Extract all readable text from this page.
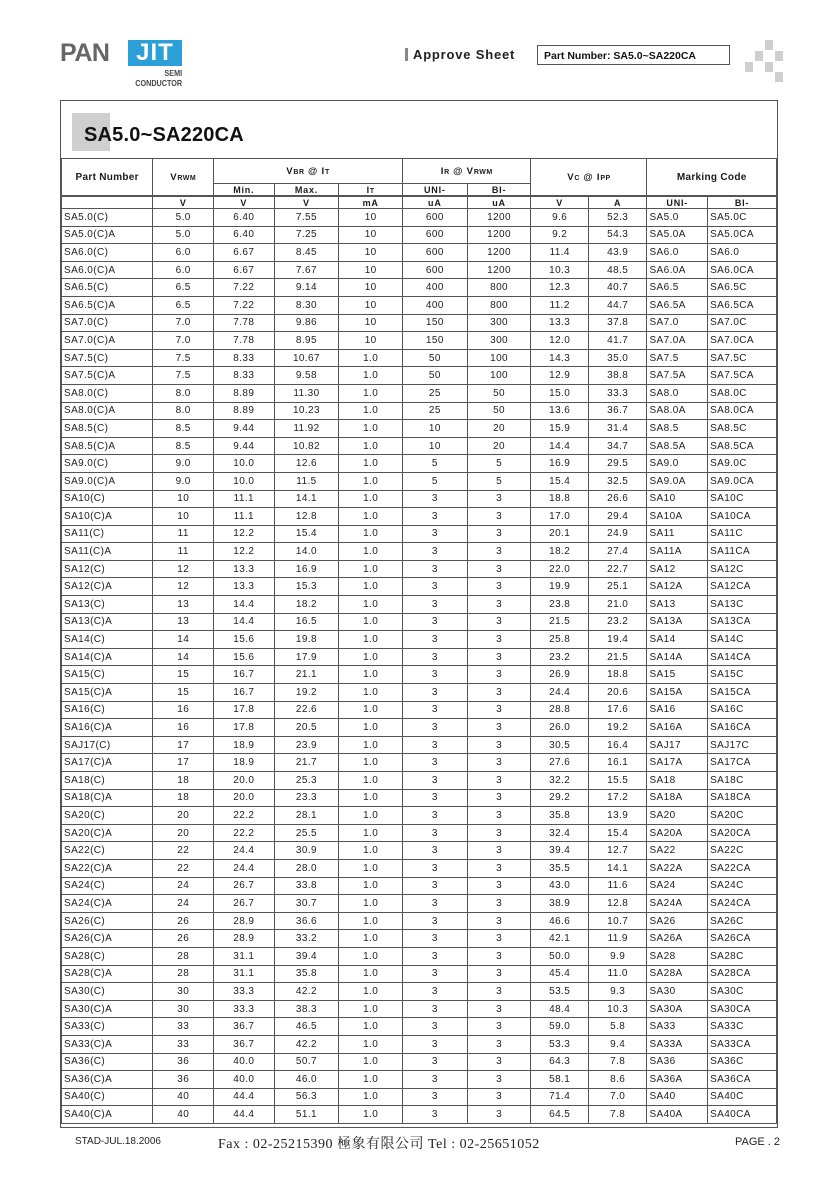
PAN	JIT
SEMI
CONDUCTOR
Approve Sheet	Part Number: SA5.0~SA220CA
SA5.0~SA220CA
Part Number	VRWM	VBR @ IT			IR @ VRWM		VC @ IPP		Marking Code	
		Min.	Max.	IT	UNI-	BI-				
	V	V	V	mA	uA	uA	V	A	UNI-	BI-
SA5.0(C)	5.0	6.40	7.55	10	600	1200	9.6	52.3	SA5.0	SA5.0C
SA5.0(C)A	5.0	6.40	7.25	10	600	1200	9.2	54.3	SA5.0A	SA5.0CA
SA6.0(C)	6.0	6.67	8.45	10	600	1200	11.4	43.9	SA6.0	SA6.0
SA6.0(C)A	6.0	6.67	7.67	10	600	1200	10.3	48.5	SA6.0A	SA6.0CA
SA6.5(C)	6.5	7.22	9.14	10	400	800	12.3	40.7	SA6.5	SA6.5C
SA6.5(C)A	6.5	7.22	8.30	10	400	800	11.2	44.7	SA6.5A	SA6.5CA
SA7.0(C)	7.0	7.78	9.86	10	150	300	13.3	37.8	SA7.0	SA7.0C
SA7.0(C)A	7.0	7.78	8.95	10	150	300	12.0	41.7	SA7.0A	SA7.0CA
SA7.5(C)	7.5	8.33	10.67	1.0	50	100	14.3	35.0	SA7.5	SA7.5C
SA7.5(C)A	7.5	8.33	9.58	1.0	50	100	12.9	38.8	SA7.5A	SA7.5CA
SA8.0(C)	8.0	8.89	11.30	1.0	25	50	15.0	33.3	SA8.0	SA8.0C
SA8.0(C)A	8.0	8.89	10.23	1.0	25	50	13.6	36.7	SA8.0A	SA8.0CA
SA8.5(C)	8.5	9.44	11.92	1.0	10	20	15.9	31.4	SA8.5	SA8.5C
SA8.5(C)A	8.5	9.44	10.82	1.0	10	20	14.4	34.7	SA8.5A	SA8.5CA
SA9.0(C)	9.0	10.0	12.6	1.0	5	5	16.9	29.5	SA9.0	SA9.0C
SA9.0(C)A	9.0	10.0	11.5	1.0	5	5	15.4	32.5	SA9.0A	SA9.0CA
SA10(C)	10	11.1	14.1	1.0	3	3	18.8	26.6	SA10	SA10C
SA10(C)A	10	11.1	12.8	1.0	3	3	17.0	29.4	SA10A	SA10CA
SA11(C)	11	12.2	15.4	1.0	3	3	20.1	24.9	SA11	SA11C
SA11(C)A	11	12.2	14.0	1.0	3	3	18.2	27.4	SA11A	SA11CA
SA12(C)	12	13.3	16.9	1.0	3	3	22.0	22.7	SA12	SA12C
SA12(C)A	12	13.3	15.3	1.0	3	3	19.9	25.1	SA12A	SA12CA
SA13(C)	13	14.4	18.2	1.0	3	3	23.8	21.0	SA13	SA13C
SA13(C)A	13	14.4	16.5	1.0	3	3	21.5	23.2	SA13A	SA13CA
SA14(C)	14	15.6	19.8	1.0	3	3	25.8	19.4	SA14	SA14C
SA14(C)A	14	15.6	17.9	1.0	3	3	23.2	21.5	SA14A	SA14CA
SA15(C)	15	16.7	21.1	1.0	3	3	26.9	18.8	SA15	SA15C
SA15(C)A	15	16.7	19.2	1.0	3	3	24.4	20.6	SA15A	SA15CA
SA16(C)	16	17.8	22.6	1.0	3	3	28.8	17.6	SA16	SA16C
SA16(C)A	16	17.8	20.5	1.0	3	3	26.0	19.2	SA16A	SA16CA
SAJ17(C)	17	18.9	23.9	1.0	3	3	30.5	16.4	SAJ17	SAJ17C
SA17(C)A	17	18.9	21.7	1.0	3	3	27.6	16.1	SA17A	SA17CA
SA18(C)	18	20.0	25.3	1.0	3	3	32.2	15.5	SA18	SA18C
SA18(C)A	18	20.0	23.3	1.0	3	3	29.2	17.2	SA18A	SA18CA
SA20(C)	20	22.2	28.1	1.0	3	3	35.8	13.9	SA20	SA20C
SA20(C)A	20	22.2	25.5	1.0	3	3	32.4	15.4	SA20A	SA20CA
SA22(C)	22	24.4	30.9	1.0	3	3	39.4	12.7	SA22	SA22C
SA22(C)A	22	24.4	28.0	1.0	3	3	35.5	14.1	SA22A	SA22CA
SA24(C)	24	26.7	33.8	1.0	3	3	43.0	11.6	SA24	SA24C
SA24(C)A	24	26.7	30.7	1.0	3	3	38.9	12.8	SA24A	SA24CA
SA26(C)	26	28.9	36.6	1.0	3	3	46.6	10.7	SA26	SA26C
SA26(C)A	26	28.9	33.2	1.0	3	3	42.1	11.9	SA26A	SA26CA
SA28(C)	28	31.1	39.4	1.0	3	3	50.0	9.9	SA28	SA28C
SA28(C)A	28	31.1	35.8	1.0	3	3	45.4	11.0	SA28A	SA28CA
SA30(C)	30	33.3	42.2	1.0	3	3	53.5	9.3	SA30	SA30C
SA30(C)A	30	33.3	38.3	1.0	3	3	48.4	10.3	SA30A	SA30CA
SA33(C)	33	36.7	46.5	1.0	3	3	59.0	5.8	SA33	SA33C
SA33(C)A	33	36.7	42.2	1.0	3	3	53.3	9.4	SA33A	SA33CA
SA36(C)	36	40.0	50.7	1.0	3	3	64.3	7.8	SA36	SA36C
SA36(C)A	36	40.0	46.0	1.0	3	3	58.1	8.6	SA36A	SA36CA
SA40(C)	40	44.4	56.3	1.0	3	3	71.4	7.0	SA40	SA40C
SA40(C)A	40	44.4	51.1	1.0	3	3	64.5	7.8	SA40A	SA40CA
STAD-JUL.18.2006	Fax : 02-25215390 極象有限公司 Tel : 02-25651052	PAGE . 2
